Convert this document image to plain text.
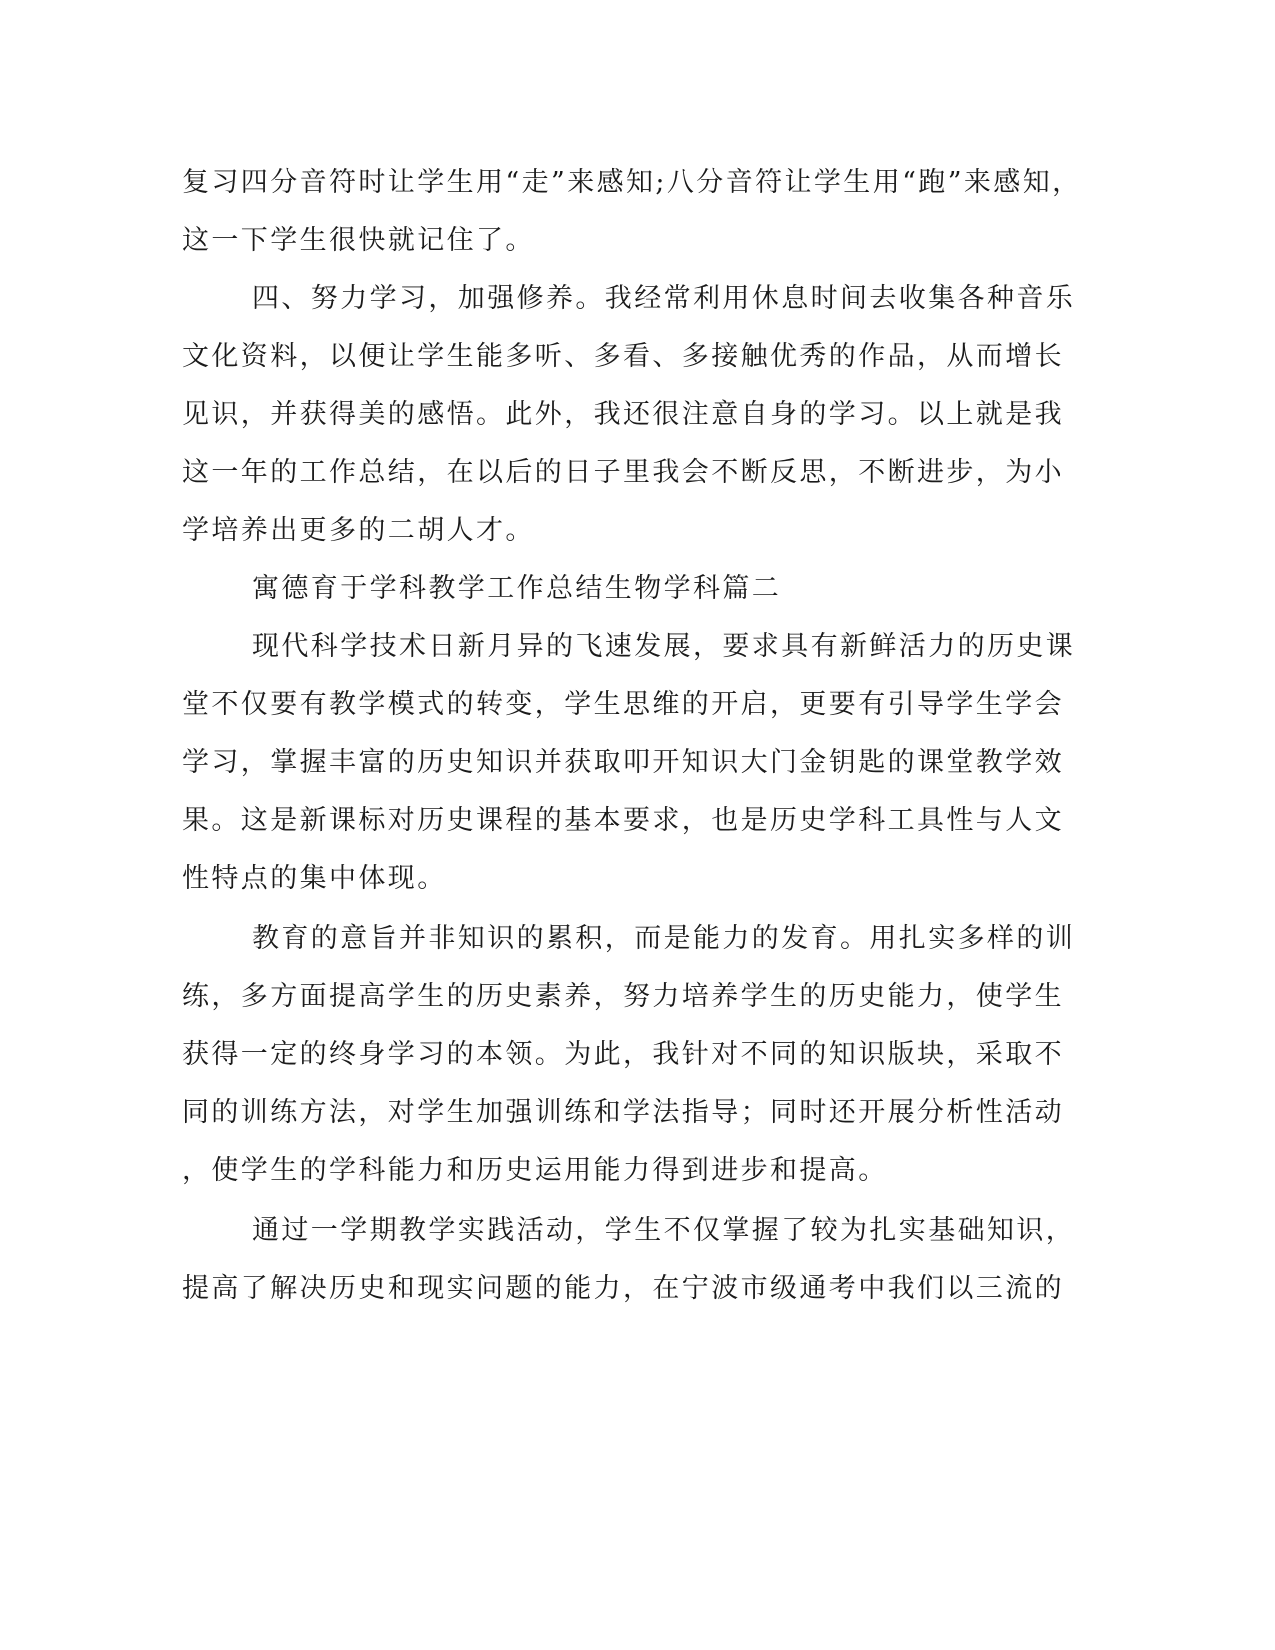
复习四分音符时让学生用“走”来感知;八分音符让学生用“跑”来感知，
这一下学生很快就记住了。
四、努力学习，加强修养。我经常利用休息时间去收集各种音乐
文化资料，以便让学生能多听、多看、多接触优秀的作品，从而增长
见识，并获得美的感悟。此外，我还很注意自身的学习。以上就是我
这一年的工作总结，在以后的日子里我会不断反思，不断进步，为小
学培养出更多的二胡人才。
寓德育于学科教学工作总结生物学科篇二
现代科学技术日新月异的飞速发展，要求具有新鲜活力的历史课
堂不仅要有教学模式的转变，学生思维的开启，更要有引导学生学会
学习，掌握丰富的历史知识并获取叩开知识大门金钥匙的课堂教学效
果。这是新课标对历史课程的基本要求，也是历史学科工具性与人文
性特点的集中体现。
教育的意旨并非知识的累积，而是能力的发育。用扎实多样的训
练，多方面提高学生的历史素养，努力培养学生的历史能力，使学生
获得一定的终身学习的本领。为此，我针对不同的知识版块，采取不
同的训练方法，对学生加强训练和学法指导；同时还开展分析性活动
，使学生的学科能力和历史运用能力得到进步和提高。
通过一学期教学实践活动，学生不仅掌握了较为扎实基础知识，
提高了解决历史和现实问题的能力，在宁波市级通考中我们以三流的
